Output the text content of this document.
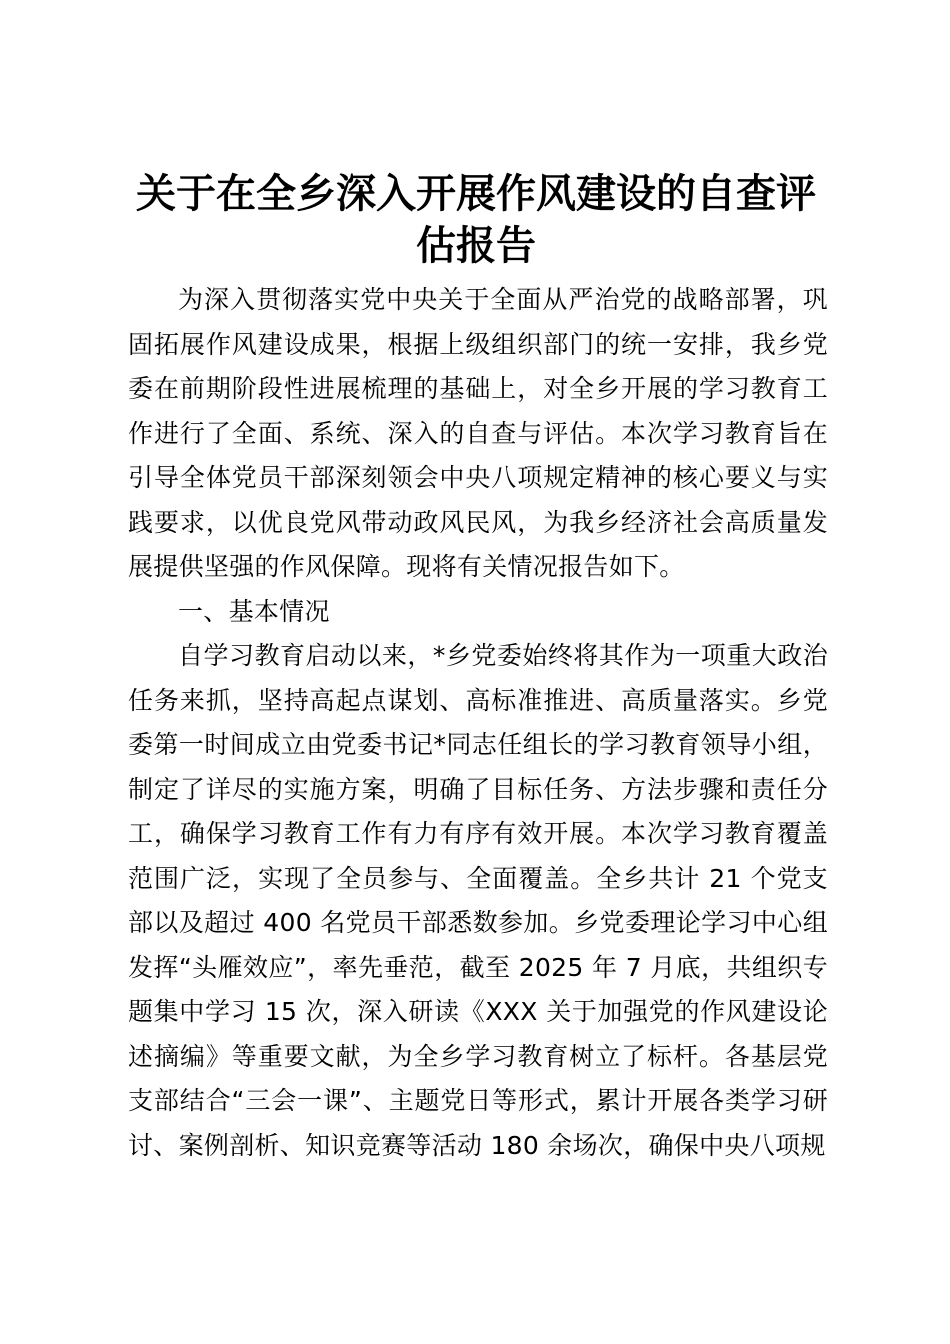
关于在全乡深入开展作风建设的自查评估报告

为深入贯彻落实党中央关于全面从严治党的战略部署，巩固拓展作风建设成果，根据上级组织部门的统一安排，我乡党委在前期阶段性进展梳理的基础上，对全乡开展的学习教育工作进行了全面、系统、深入的自查与评估。本次学习教育旨在引导全体党员干部深刻领会中央八项规定精神的核心要义与实践要求，以优良党风带动政风民风，为我乡经济社会高质量发展提供坚强的作风保障。现将有关情况报告如下。

一、基本情况

自学习教育启动以来，*乡党委始终将其作为一项重大政治任务来抓，坚持高起点谋划、高标准推进、高质量落实。乡党委第一时间成立由党委书记*同志任组长的学习教育领导小组，制定了详尽的实施方案，明确了目标任务、方法步骤和责任分工，确保学习教育工作有力有序有效开展。本次学习教育覆盖范围广泛，实现了全员参与、全面覆盖。全乡共计 21 个党支部以及超过 400 名党员干部悉数参加。乡党委理论学习中心组发挥“头雁效应”，率先垂范，截至 2025 年 7 月底，共组织专题集中学习 15 次，深入研读《XXX 关于加强党的作风建设论述摘编》等重要文献，为全乡学习教育树立了标杆。各基层党支部结合“三会一课”、主题党日等形式，累计开展各类学习研讨、案例剖析、知识竞赛等活动 180 余场次，确保中央八项规
